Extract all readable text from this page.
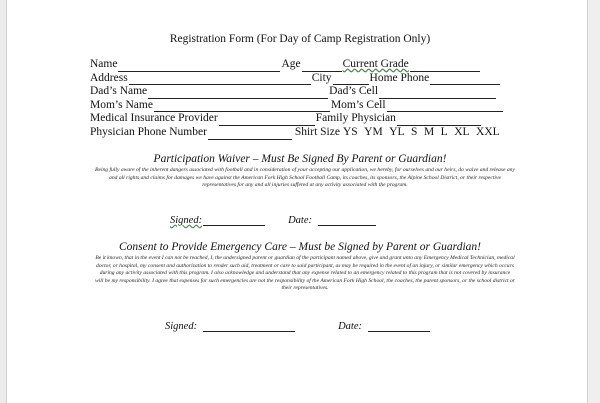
Registration Form (For Day of Camp Registration Only)
Name	Age	Current Grade
Address	City	Home Phone
Dad’s Name	Dad’s Cell
Mom’s Name	Mom’s Cell
Medical Insurance Provider	Family Physician
Physician Phone Number	Shirt Size YS YM YL S M L XL XXL
Participation Waiver – Must Be Signed By Parent or Guardian!
Being fully aware of the inherent dangers associated with football and in consideration of your accepting our application, we hereby, for ourselves and our heirs, do waive and release any and all rights and claims for damages we have against the American Fork High School Football Camp, its coaches, its sponsors, the Alpine School District, or their respective representatives for any and all injuries suffered at any activity associated with the program.
Signed:	Date:
Consent to Provide Emergency Care – Must be Signed by Parent or Guardian!
Be it known, that in the event I can not be reached, I, the undersigned parent or guardian of the participant named above, give and grant unto any Emergency Medical Technician, medical doctor, or hospital, my consent and authorization to render such aid, treatment or care to said participant, as may be required in the event of an injury, or similar emergency which occurs during any activity associated with this program. I also acknowledge and understand that any expense related to an emergency related to this program that is not covered by insurance will be my responsibility. I agree that expenses for such emergencies are not the responsibility of the American Fork High School, the coaches, the parent sponsors, or the school district or their representatives.
Signed:	Date:
